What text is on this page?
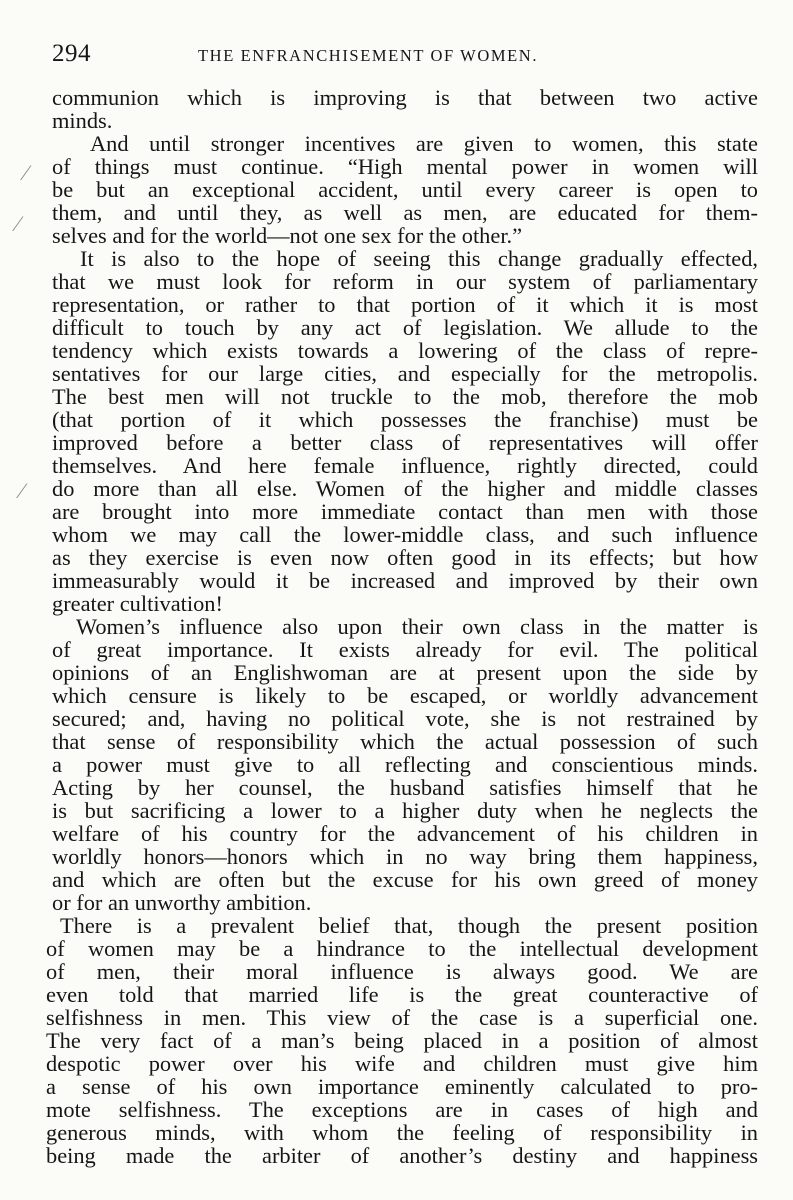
294	THE ENFRANCHISEMENT OF WOMEN.
⁄
⁄
⁄
communion which is improving is that between two active
minds.
And until stronger incentives are given to women, this state
of things must continue. “High mental power in women will
be but an exceptional accident, until every career is open to
them, and until they, as well as men, are educated for them-
selves and for the world—not one sex for the other.”
It is also to the hope of seeing this change gradually effected,
that we must look for reform in our system of parliamentary
representation, or rather to that portion of it which it is most
difficult to touch by any act of legislation. We allude to the
tendency which exists towards a lowering of the class of repre-
sentatives for our large cities, and especially for the metropolis.
The best men will not truckle to the mob, therefore the mob
(that portion of it which possesses the franchise) must be
improved before a better class of representatives will offer
themselves. And here female influence, rightly directed, could
do more than all else. Women of the higher and middle classes
are brought into more immediate contact than men with those
whom we may call the lower-middle class, and such influence
as they exercise is even now often good in its effects; but how
immeasurably would it be increased and improved by their own
greater cultivation!
Women’s influence also upon their own class in the matter is
of great importance. It exists already for evil. The political
opinions of an Englishwoman are at present upon the side by
which censure is likely to be escaped, or worldly advancement
secured; and, having no political vote, she is not restrained by
that sense of responsibility which the actual possession of such
a power must give to all reflecting and conscientious minds.
Acting by her counsel, the husband satisfies himself that he
is but sacrificing a lower to a higher duty when he neglects the
welfare of his country for the advancement of his children in
worldly honors—honors which in no way bring them happiness,
and which are often but the excuse for his own greed of money
or for an unworthy ambition.
There is a prevalent belief that, though the present position
of women may be a hindrance to the intellectual development
of men, their moral influence is always good. We are
even told that married life is the great counteractive of
selfishness in men. This view of the case is a superficial one.
The very fact of a man’s being placed in a position of almost
despotic power over his wife and children must give him
a sense of his own importance eminently calculated to pro-
mote selfishness. The exceptions are in cases of high and
generous minds, with whom the feeling of responsibility in
being made the arbiter of another’s destiny and happiness
